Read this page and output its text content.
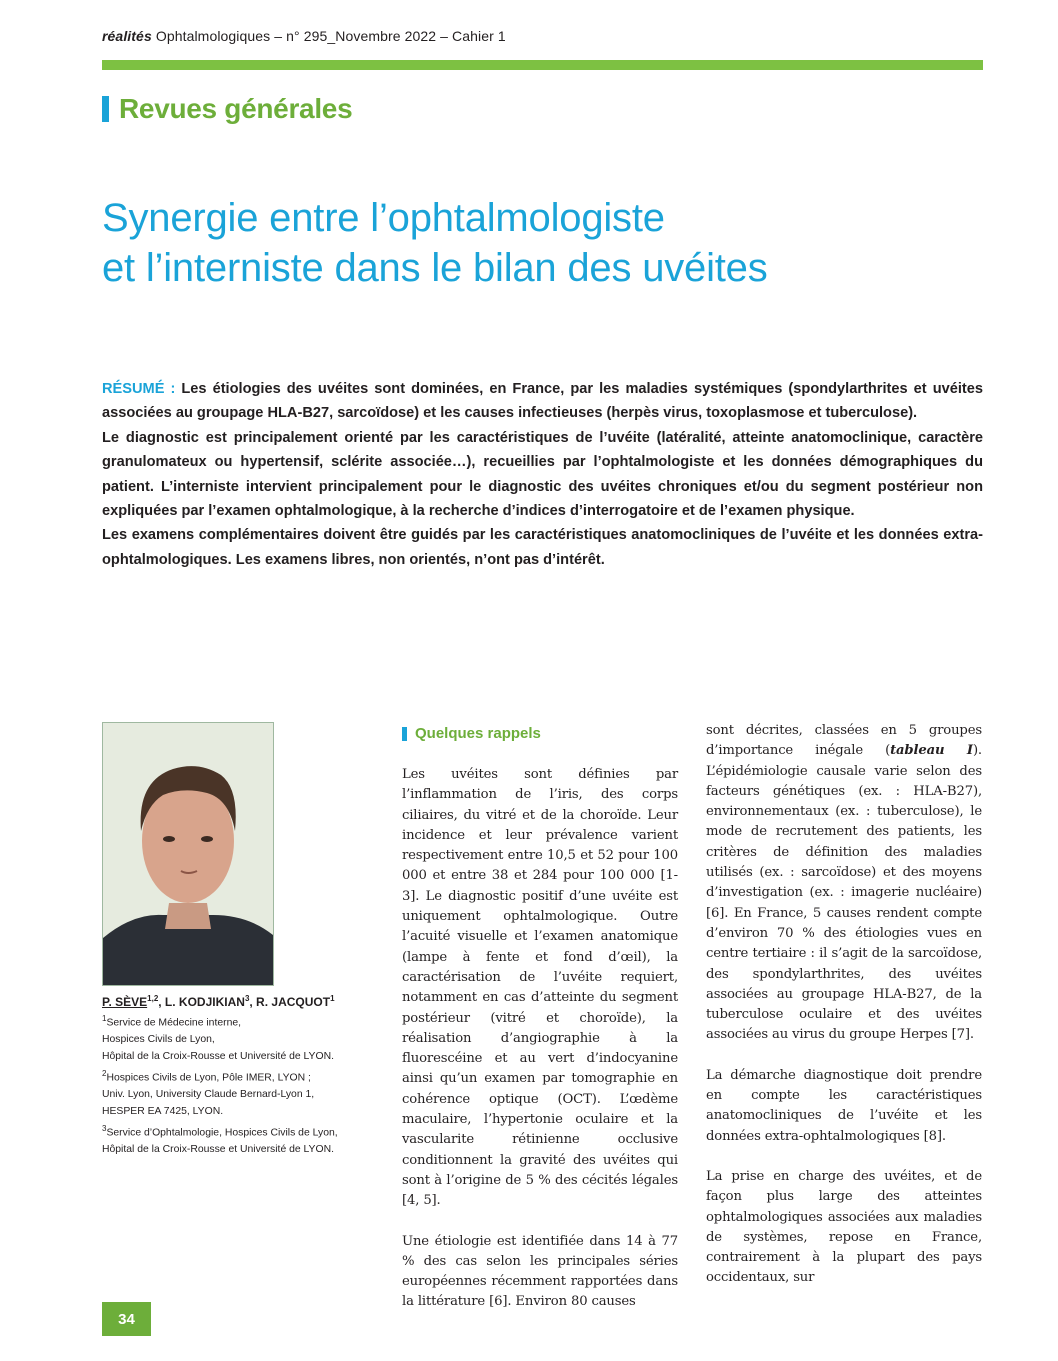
réalités Ophtalmologiques – n° 295_Novembre 2022 – Cahier 1
Revues générales
Synergie entre l’ophtalmologiste
et l’interniste dans le bilan des uvéites

RÉSUMÉ : Les étiologies des uvéites sont dominées, en France, par les maladies systémiques (spondylarthrites et uvéites associées au groupage HLA-B27, sarcoïdose) et les causes infectieuses (herpès virus, toxoplasmose et tuberculose).

Le diagnostic est principalement orienté par les caractéristiques de l’uvéite (latéralité, atteinte anatomoclinique, caractère granulomateux ou hypertensif, sclérite associée…), recueillies par l’ophtalmologiste et les données démographiques du patient. L’interniste intervient principalement pour le diagnostic des uvéites chroniques et/ou du segment postérieur non expliquées par l’examen ophtalmologique, à la recherche d’indices d’interrogatoire et de l’examen physique.

Les examens complémentaires doivent être guidés par les caractéristiques anatomocliniques de l’uvéite et les données extra-ophtalmologiques. Les examens libres, non orientés, n’ont pas d’intérêt.

P. SÈVE$^{1,2}$, L. KODJIKIAN$^3$, R. JACQUOT$^1$
$^1$Service de Médecine interne,
Hospices Civils de Lyon,
Hôpital de la Croix-Rousse et Université de LYON.
$^2$Hospices Civils de Lyon, Pôle IMER, LYON ;
Univ. Lyon, University Claude Bernard-Lyon 1,
HESPER EA 7425, LYON.
$^3$Service d’Ophtalmologie, Hospices Civils de Lyon,
Hôpital de la Croix-Rousse et Université de LYON.
Quelques rappels

Les uvéites sont définies par l’inflammation de l’iris, des corps ciliaires, du vitré et de la choroïde. Leur incidence et leur prévalence varient respectivement entre 10,5 et 52 pour 100 000 et entre 38 et 284 pour 100 000 [1-3]. Le diagnostic positif d’une uvéite est uniquement ophtalmologique. Outre l’acuité visuelle et l’examen anatomique (lampe à fente et fond d’œil), la caractérisation de l’uvéite requiert, notamment en cas d’atteinte du segment postérieur (vitré et choroïde), la réalisation d’angiographie à la fluorescéine et au vert d’indocyanine ainsi qu’un examen par tomographie en cohérence optique (OCT). L’œdème maculaire, l’hypertonie oculaire et la vascularite rétinienne occlusive conditionnent la gravité des uvéites qui sont à l’origine de 5 % des cécités légales [4, 5].

Une étiologie est identifiée dans 14 à 77 % des cas selon les principales séries européennes récemment rapportées dans la littérature [6]. Environ 80 causes

sont décrites, classées en 5 groupes d’importance inégale (tableau I). L’épidémiologie causale varie selon des facteurs génétiques (ex. : HLA-B27), environnementaux (ex. : tuberculose), le mode de recrutement des patients, les critères de définition des maladies utilisés (ex. : sarcoïdose) et des moyens d’investigation (ex. : imagerie nucléaire) [6]. En France, 5 causes rendent compte d’environ 70 % des étiologies vues en centre tertiaire : il s’agit de la sarcoïdose, des spondylarthrites, des uvéites associées au groupage HLA-B27, de la tuberculose oculaire et des uvéites associées au virus du groupe Herpes [7].

La démarche diagnostique doit prendre en compte les caractéristiques anatomocliniques de l’uvéite et les données extra-ophtalmologiques [8].

La prise en charge des uvéites, et de façon plus large des atteintes ophtalmologiques associées aux maladies de systèmes, repose en France, contrairement à la plupart des pays occidentaux, sur

34
